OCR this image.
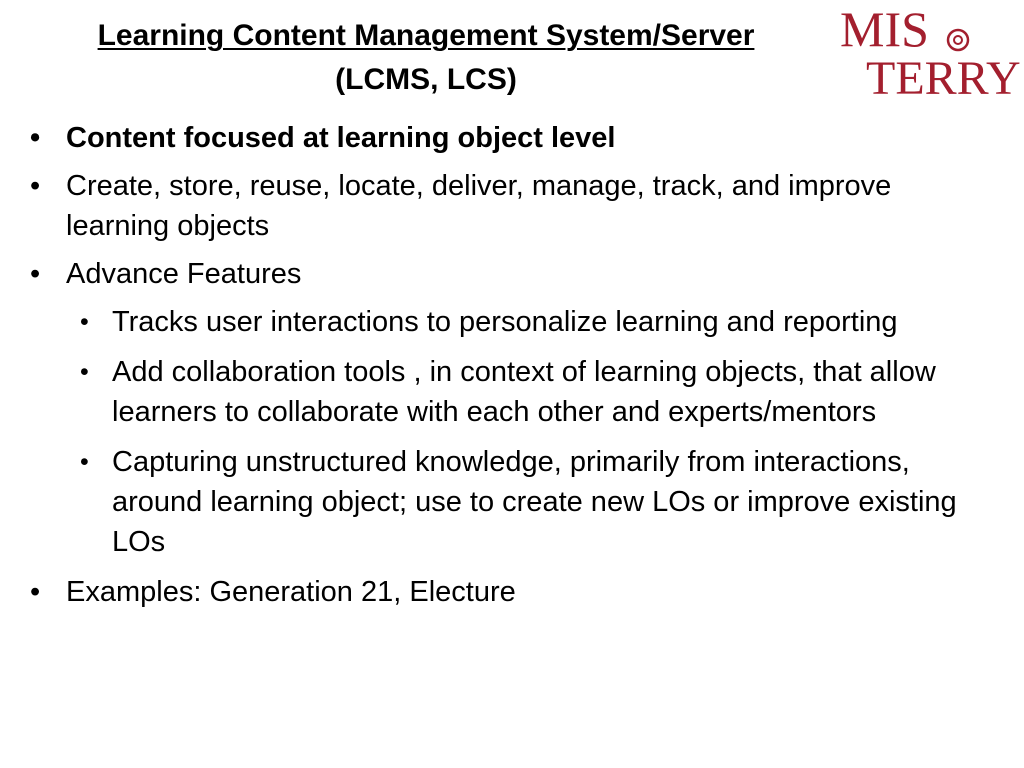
Learning Content Management System/Server
(LCMS, LCS)
MIS
TERRY
• Content focused at learning object level
• Create, store, reuse, locate, deliver, manage, track, and improve learning objects
• Advance Features
• Tracks user interactions to personalize learning and reporting
• Add collaboration tools , in context of learning objects, that allow learners to collaborate with each other and experts/mentors
• Capturing unstructured knowledge, primarily from interactions, around learning object; use to create new LOs or improve existing LOs
• Examples: Generation 21, Electure
